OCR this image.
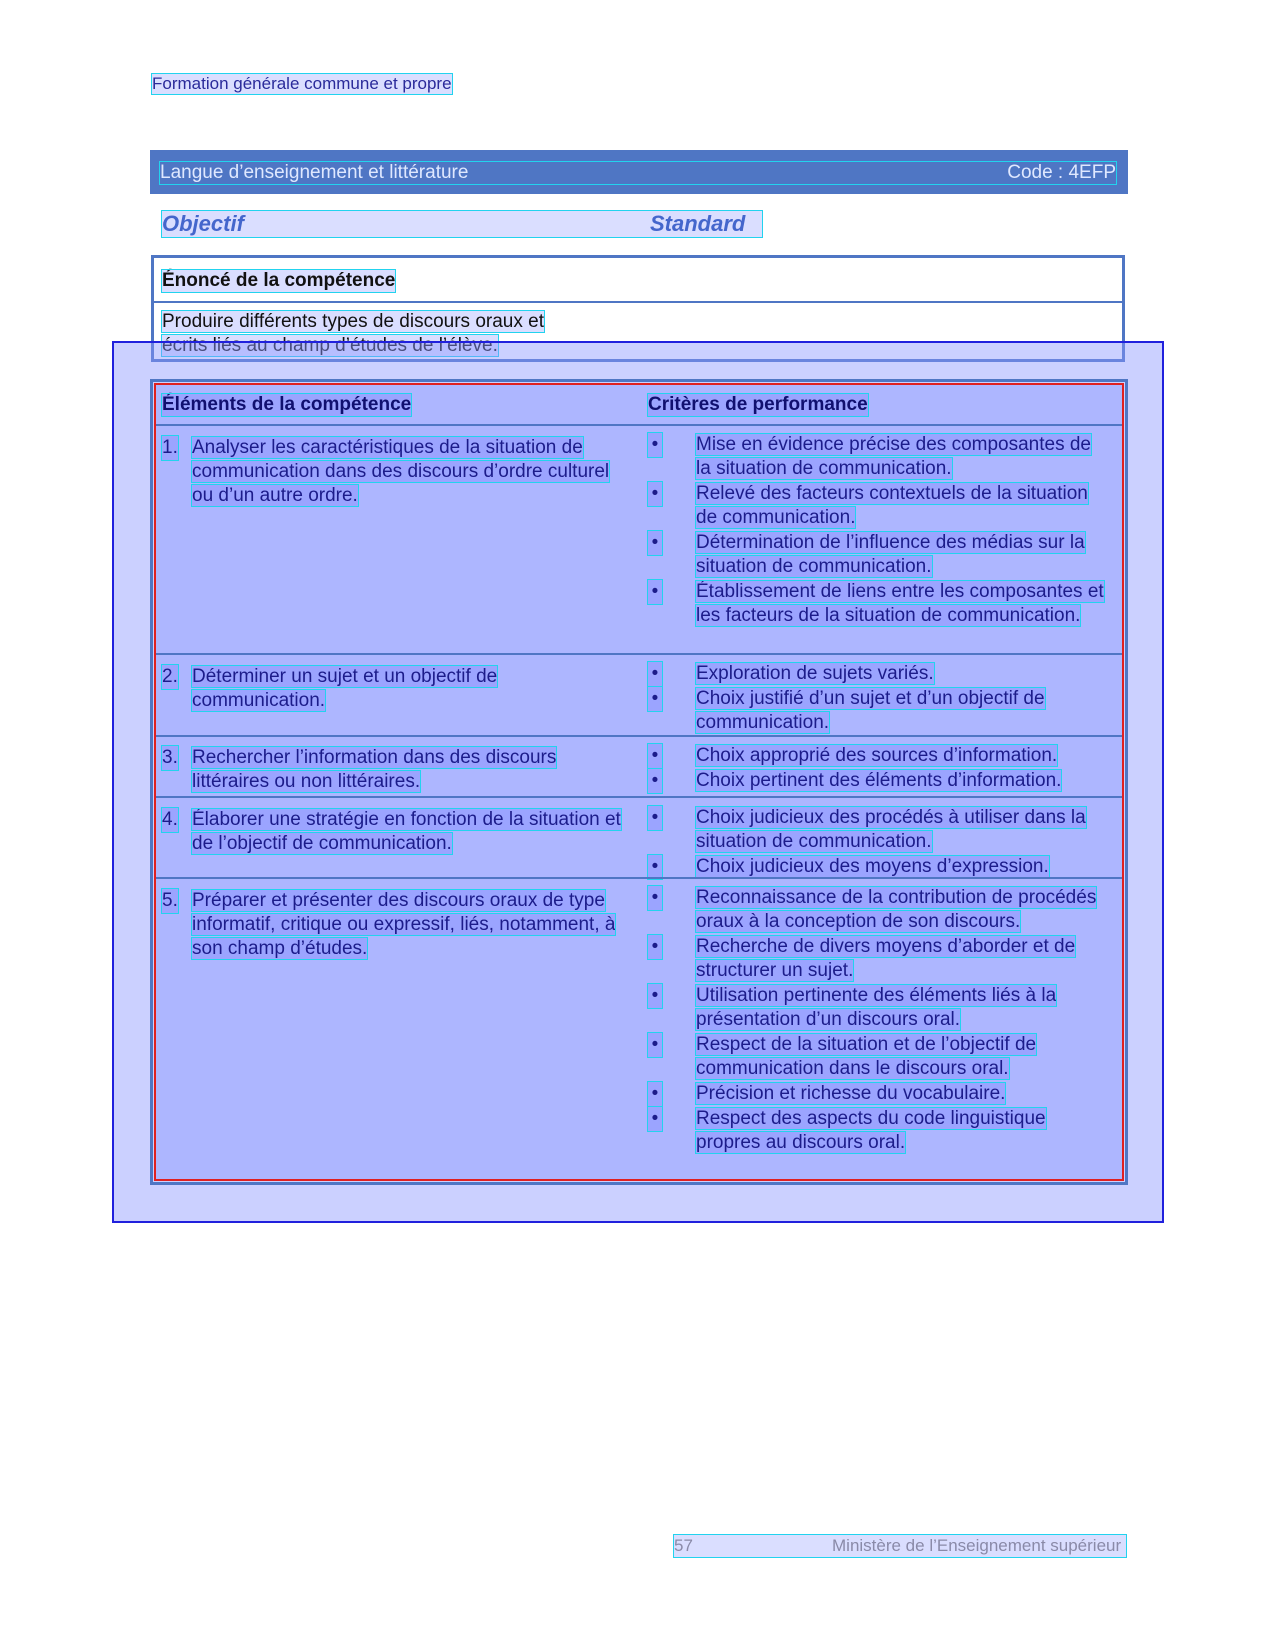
Formation générale commune et propre
Langue d’enseignement et littérature	Code : 4EFP
Objectif	Standard
Énoncé de la compétence
Produire différents types de discours oraux et écrits liés au champ d’études de l’élève.
Éléments de la compétence	Critères de performance
1. Analyser les caractéristiques de la situation de communication dans des discours d’ordre culturel ou d’un autre ordre.
• Mise en évidence précise des composantes de la situation de communication.
• Relevé des facteurs contextuels de la situation de communication.
• Détermination de l’influence des médias sur la situation de communication.
• Établissement de liens entre les composantes et les facteurs de la situation de communication.
2. Déterminer un sujet et un objectif de communication.
• Exploration de sujets variés.
• Choix justifié d’un sujet et d’un objectif de communication.
3. Rechercher l’information dans des discours littéraires ou non littéraires.
• Choix approprié des sources d’information.
• Choix pertinent des éléments d’information.
4. Élaborer une stratégie en fonction de la situation et de l’objectif de communication.
• Choix judicieux des procédés à utiliser dans la situation de communication.
• Choix judicieux des moyens d’expression.
5. Préparer et présenter des discours oraux de type informatif, critique ou expressif, liés, notamment, à son champ d’études.
• Reconnaissance de la contribution de procédés oraux à la conception de son discours.
• Recherche de divers moyens d’aborder et de structurer un sujet.
• Utilisation pertinente des éléments liés à la présentation d’un discours oral.
• Respect de la situation et de l’objectif de communication dans le discours oral.
• Précision et richesse du vocabulaire.
• Respect des aspects du code linguistique propres au discours oral.
57	Ministère de l’Enseignement supérieur
